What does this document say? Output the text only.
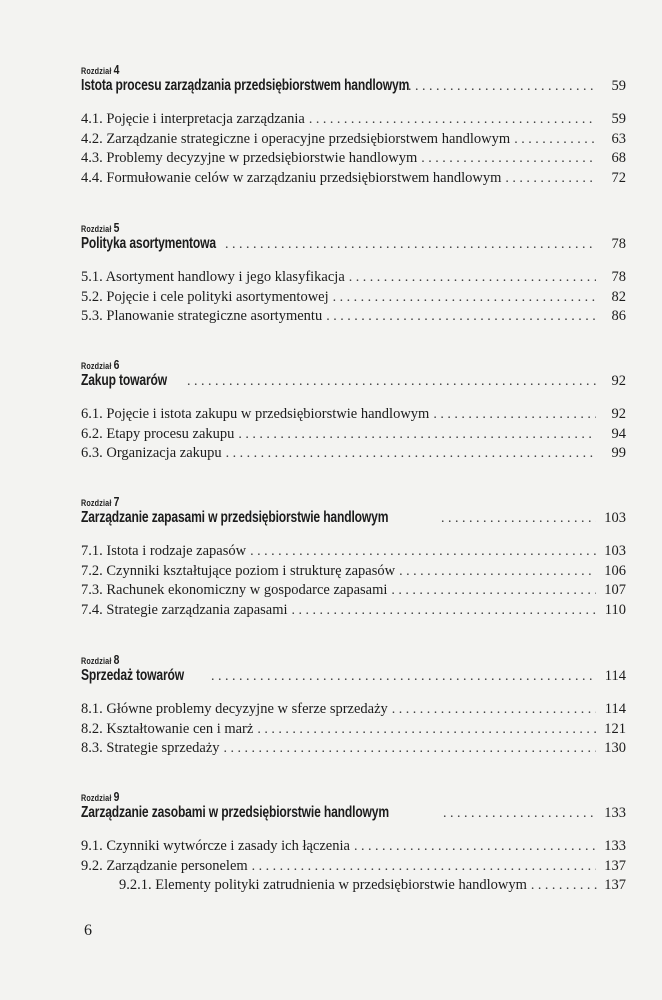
Rozdział 4
Istota procesu zarządzania przedsiębiorstwem handlowym . . .	59
4.1. Pojęcie i interpretacja zarządzania . . .	59
4.2. Zarządzanie strategiczne i operacyjne przedsiębiorstwem handlowym . . .	63
4.3. Problemy decyzyjne w przedsiębiorstwie handlowym . . .	68
4.4. Formułowanie celów w zarządzaniu przedsiębiorstwem handlowym . . .	72
Rozdział 5
Polityka asortymentowa . . .	78
5.1. Asortyment handlowy i jego klasyfikacja . . .	78
5.2. Pojęcie i cele polityki asortymentowej . . .	82
5.3. Planowanie strategiczne asortymentu . . .	86
Rozdział 6
Zakup towarów . . .	92
6.1. Pojęcie i istota zakupu w przedsiębiorstwie handlowym . . .	92
6.2. Etapy procesu zakupu . . .	94
6.3. Organizacja zakupu . . .	99
Rozdział 7
Zarządzanie zapasami w przedsiębiorstwie handlowym . . .	103
7.1. Istota i rodzaje zapasów . . .	103
7.2. Czynniki kształtujące poziom i strukturę zapasów . . .	106
7.3. Rachunek ekonomiczny w gospodarce zapasami . . .	107
7.4. Strategie zarządzania zapasami . . .	110
Rozdział 8
Sprzedaż towarów . . .	114
8.1. Główne problemy decyzyjne w sferze sprzedaży . . .	114
8.2. Kształtowanie cen i marż . . .	121
8.3. Strategie sprzedaży . . .	130
Rozdział 9
Zarządzanie zasobami w przedsiębiorstwie handlowym . . .	133
9.1. Czynniki wytwórcze i zasady ich łączenia . . .	133
9.2. Zarządzanie personelem . . .	137
9.2.1. Elementy polityki zatrudnienia w przedsiębiorstwie handlowym . . .	137
6
